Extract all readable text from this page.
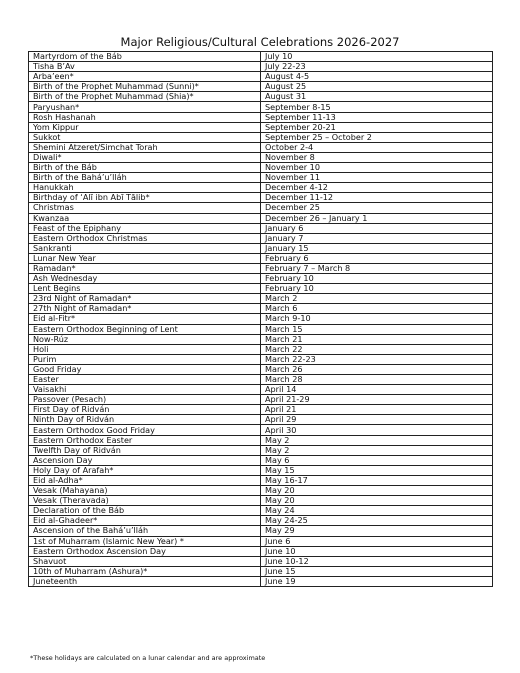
Major Religious/Cultural Celebrations 2026-2027
Martyrdom of the Báb	July 10
Tisha B’Av	July 22-23
Arba’een*	August 4-5
Birth of the Prophet Muhammad (Sunni)*	August 25
Birth of the Prophet Muhammad (Shia)*	August 31
Paryushan*	September 8-15
Rosh Hashanah	September 11-13
Yom Kippur	September 20-21
Sukkot	September 25 – October 2
Shemini Atzeret/Simchat Torah	October 2-4
Diwali*	November 8
Birth of the Báb	November 10
Birth of the Bahá’u’lláh	November 11
Hanukkah	December 4-12
Birthday of ‘Alī ibn Abī Tālib*	December 11-12
Christmas	December 25
Kwanzaa	December 26 – January 1
Feast of the Epiphany	January 6
Eastern Orthodox Christmas	January 7
Sankranti	January 15
Lunar New Year	February 6
Ramadan*	February 7 – March 8
Ash Wednesday	February 10
Lent Begins	February 10
23rd Night of Ramadan*	March 2
27th Night of Ramadan*	March 6
Eid al-Fitr*	March 9-10
Eastern Orthodox Beginning of Lent	March 15
Now-Rúz	March 21
Holi	March 22
Purim	March 22-23
Good Friday	March 26
Easter	March 28
Vaisakhi	April 14
Passover (Pesach)	April 21-29
First Day of Ridván	April 21
Ninth Day of Ridván	April 29
Eastern Orthodox Good Friday	April 30
Eastern Orthodox Easter	May 2
Twelfth Day of Ridván	May 2
Ascension Day	May 6
Holy Day of Arafah*	May 15
Eid al-Adha*	May 16-17
Vesak (Mahayana)	May 20
Vesak (Theravada)	May 20
Declaration of the Báb	May 24
Eid al-Ghadeer*	May 24-25
Ascension of the Bahá’u’lláh	May 29
1st of Muharram (Islamic New Year) *	June 6
Eastern Orthodox Ascension Day	June 10
Shavuot	June 10-12
10th of Muharram (Ashura)*	June 15
Juneteenth	June 19
*These holidays are calculated on a lunar calendar and are approximate
